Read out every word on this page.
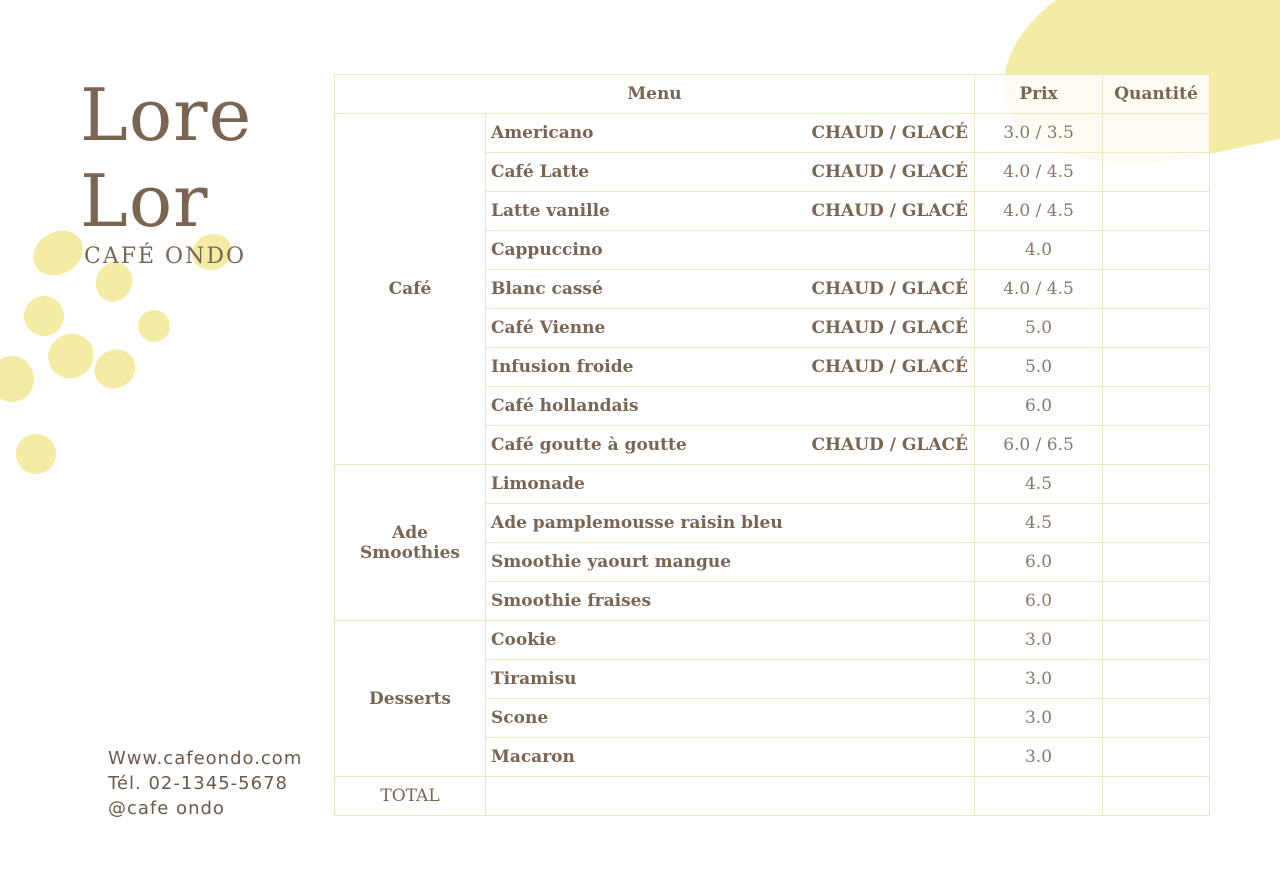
Lore
Lor
CAFÉ ONDO
Www.cafeondo.com
Tél. 02-1345-5678
@cafe ondo
Menu		Prix	Quantité
Café	Americano CHAUD / GLACÉ	3.0 / 3.5	

	Café Latte CHAUD / GLACÉ	4.0 / 4.5	

	Latte vanille CHAUD / GLACÉ	4.0 / 4.5	

	Cappuccino	4.0	

	Blanc cassé CHAUD / GLACÉ	4.0 / 4.5	

	Café Vienne CHAUD / GLACÉ	5.0	

	Infusion froide CHAUD / GLACÉ	5.0	

	Café hollandais	6.0	

	Café goutte à goutte CHAUD / GLACÉ	6.0 / 6.5	

Ade
Smoothies	Limonade	4.5	

	Ade pamplemousse raisin bleu	4.5	

	Smoothie yaourt mangue	6.0	

	Smoothie fraises	6.0	
Desserts	Cookie	3.0	

	Tiramisu	3.0	

	Scone	3.0	

	Macaron	3.0	
TOTAL			
